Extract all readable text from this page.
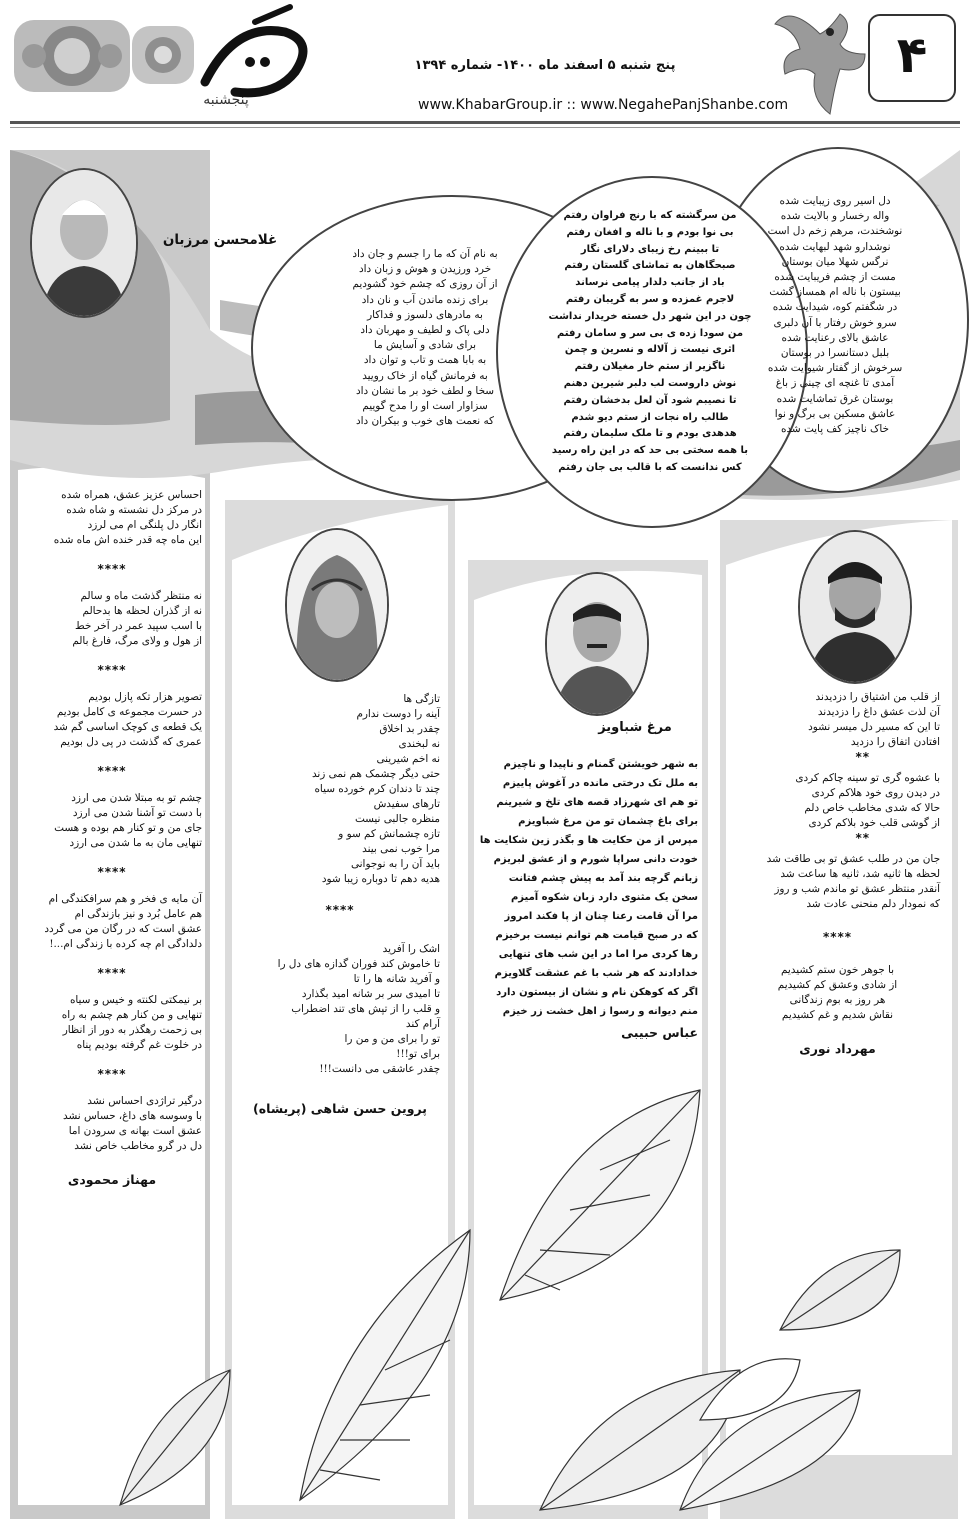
پنجشنبه
پنج شنبه ۵ اسفند ماه ۱۴۰۰- شماره ۱۳۹۴
www.KhabarGroup.ir :: www.NegahePanjShanbe.com
۴
غلامحسن مرزبان
به نام آن که ما را جسم و جان داد
خرد ورزیدن و هوش و زبان داد
از آن روزی که چشم خود گشودیم
برای زنده ماندن آب و نان داد
به مادرهای دلسوز و فداکار
دلی پاک و لطیف و مهربان داد
برای شادی و آسایش ما
به بابا همت و تاب و توان داد
به فرمانش گیاه از خاک رویید
سخا و لطف خود بر ما نشان داد
سزاوار است او را مدح گوییم
که نعمت های خوب و بیکران داد
من سرگشته که با رنج فراوان رفتم
بی نوا بودم و با ناله و افغان رفتم
تا ببینم رخ زیبای دلارای نگار
صبحگاهان به تماشای گلستان رفتم
باد از جانب دلدار پیامی نرساند
لاجرم غمزده و سر به گریبان رفتم
چون در این شهر دل خسته خریدار نداشت
من سودا زده ی بی سر و سامان رفتم
اثری نیست ز آلاله و نسرین و چمن
ناگزیر از ستم خار مغیلان رفتم
نوش داروست لب دلبر شیرین دهنم
تا نصیبم شود آن لعل بدخشان رفتم
طالب راه نجات از ستم دیو شدم
هدهدی بودم و تا ملک سلیمان رفتم
با همه سختی بی حد که در این راه رسید
کس ندانست که با قالب بی جان رفتم
دل اسیر روی زیبایت شده
واله رخسار و بالایت شده
نوشخندت، مرهم زخم دل است
نوشدارو شهد لبهایت شده
نرگس شهلا میان بوستان
مست از چشم فریبایت شده
بیستون با ناله ام همساز گشت
در شگفتم کوه، شیدایت شده
سرو خوش رفتار با آن دلبری
عاشق بالای رعنایت شده
بلبل دستانسرا در بوستان
سرخوش از گفتار شیوایت شده
آمدی تا غنچه ای چینی ز باغ
بوستان غرق تماشایت شده
عاشق مسکین بی برگ و نوا
خاک ناچیز کف پایت شده
احساس عزیز عشق، همراه شده
در مرکز دل نشسته و شاه شده
انگار دل پلنگی ام می لرزد
این ماه چه قدر خنده اش ماه شده
****
نه منتظر گذشت ماه و سالم
نه از گذران لحظه ها بدحالم
با اسب سپید عمر در آخر خط
از هول و ولای مرگ، فارغ بالم
****
تصویر هزار تکه پازل بودیم
در حسرت مجموعه ی کامل بودیم
یک قطعه ی کوچک اساسی گم شد
عمری که گذشت در پی دل بودیم
****
چشم تو به مبتلا شدن می ارزد
با دست تو آشنا شدن می ارزد
جای من و تو کنار هم بوده و هست
تنهایی مان به ما شدن می ارزد
****
آن مایه ی فخر و هم سرافکندگی ام
هم عامل بُرد و نیز بازندگی ام
عشق است که در رگان من می گردد
دلدادگی ام چه کرده با زندگی ام...!
****
بر نیمکتی لکنته و خیس و سیاه
تنهایی و من کنار هم چشم به راه
بی زحمت رهگذر به دور از انظار
در خلوت غم گرفته بودیم پناه
****
درگیر تراژدی احساس نشد
با وسوسه های داغ، حساس نشد
عشق است بهانه ی سرودن اما
دل در گرو مخاطب خاص نشد
مهناز محمودی
تازگی ها
آینه را دوست ندارم
چقدر بد اخلاق
نه لبخندی
نه اخم شیرینی
حتی دیگر چشمک هم نمی زند
چند تا دندان کرم خورده سیاه
تارهای سفیدش
منظره جالبی نیست
تازه چشمانش کم سو و
مرا خوب نمی بیند
باید آن را به نوجوانی
هدیه دهم تا دوباره زیبا شود
****
اشک را آفرید
تا خاموش کند فوران گدازه های دل را
و آفرید شانه ها را تا
تا امیدی سر بر شانه امید بگذارد
و قلب را از تپش های تند اضطراب
آرام کند
تو را برای من و من را
برای تو!!!
چقدر عاشقی می دانست!!!
پروین حسن شاهی (پریشاه)
مرغ شباویز
به شهر خویشتن گمنام و ناپیدا و ناچیزم
به ملل تک درختی مانده در آغوش پاییزم
تو هم ای شهرزاد قصه های تلخ و شیرینم
برای باغ چشمان تو من مرغ شباویزم
مپرس از من حکایت ها و بگذر زین شکایت ها
خودت دانی سراپا شورم و از عشق لبریزم
زبانم گرچه بند آمد به پیش چشم فتانت
سخن یک مثنوی دارد زبان شکوه آمیزم
مرا آن قامت رعنا چنان از پا فکند امروز
که در صبح قیامت هم توانم نیست برخیزم
رها کردی مرا اما در این شب های تنهایی
خدادادند که هر شب با غم عشقت گلاویزم
اگر که کوهکن نام و نشان از بیستون دارد
منم دیوانه و رسوا ز اهل خشت زر خیزم
عباس حبیبی
از قلب من اشتیاق را دزدیدند
آن لذت عشق داغ را دزدیدند
تا این که مسیر دل میسر نشود
افتادن اتفاق را دزدید
**
با عشوه گری تو سینه چاکم کردی
در دیدن روی خود هلاکم کردی
حالا که شدی مخاطب خاص دلم
از گوشی قلب خود بلاکم کردی
**
جان من در طلب عشق تو بی طاقت شد
لحظه ها ثانیه شد، ثانیه ها ساعت شد
آنقدر منتظر عشق تو ماندم شب و روز
که نمودار دلم منحنی عادت شد
****
با جوهر خون ستم کشیدیم
از شادی وعشق کم کشیدیم
هر روز به بوم زندگانی
نقاش شدیم و غم کشیدیم
مهرداد نوری
